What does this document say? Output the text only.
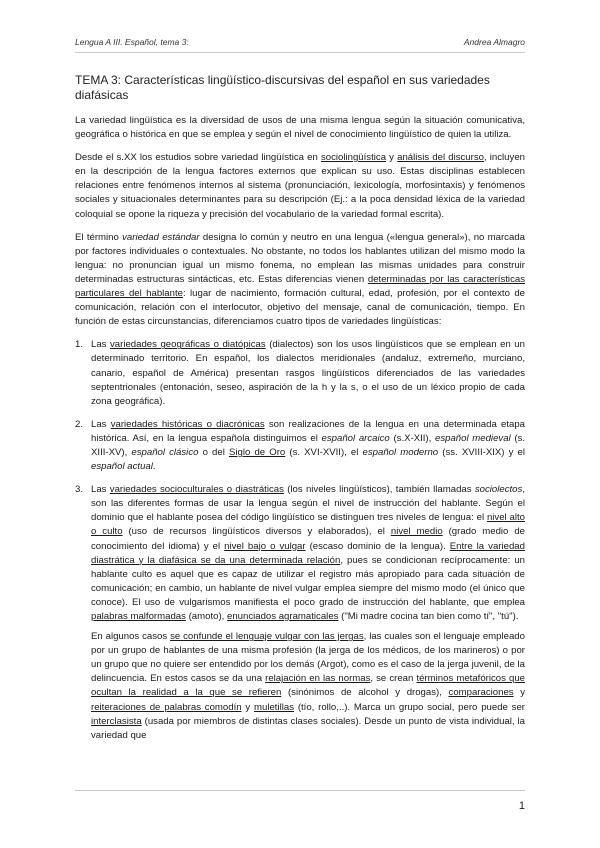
Lengua A III. Español, tema 3:	Andrea Almagro
TEMA 3: Características lingüístico-discursivas del español en sus variedades diafásicas

La variedad lingüística es la diversidad de usos de una misma lengua según la situación comunicativa, geográfica o histórica en que se emplea y según el nivel de conocimiento lingüístico de quien la utiliza.

Desde el s.XX los estudios sobre variedad lingüística en sociolingüística y análisis del discurso, incluyen en la descripción de la lengua factores externos que explican su uso. Estas disciplinas establecen relaciones entre fenómenos internos al sistema (pronunciación, lexicología, morfosintaxis) y fenómenos sociales y situacionales determinantes para su descripción (Ej.: a la poca densidad léxica de la variedad coloquial se opone la riqueza y precisión del vocabulario de la variedad formal escrita).

El término variedad estándar designa lo común y neutro en una lengua («lengua general»), no marcada por factores individuales o contextuales. No obstante, no todos los hablantes utilizan del mismo modo la lengua: no pronuncian igual un mismo fonema, no emplean las mismas unidades para construir determinadas estructuras sintácticas, etc. Estas diferencias vienen determinadas por las características particulares del hablante: lugar de nacimiento, formación cultural, edad, profesión, por el contexto de comunicación, relación con el interlocutor, objetivo del mensaje, canal de comunicación, tiempo. En función de estas circunstancias, diferenciamos cuatro tipos de variedades lingüísticas:

1. Las variedades geográficas o diatópicas (dialectos) son los usos lingüísticos que se emplean en un determinado territorio. En español, los dialectos meridionales (andaluz, extremeño, murciano, canario, español de América) presentan rasgos lingüísticos diferenciados de las variedades septentrionales (entonación, seseo, aspiración de la h y la s, o el uso de un léxico propio de cada zona geográfica).
2. Las variedades históricas o diacrónicas son realizaciones de la lengua en una determinada etapa histórica. Así, en la lengua española distinguimos el español arcaico (s.X-XII), español medieval (s. XIII-XV), español clásico o del Siglo de Oro (s. XVI-XVII), el español moderno (ss. XVIII-XIX) y el español actual.
3. Las variedades socioculturales o diastráticas (los niveles lingüísticos), también llamadas sociolectos, son las diferentes formas de usar la lengua según el nivel de instrucción del hablante. Según el dominio que el hablante posea del código lingüístico se distinguen tres niveles de lengua: el nivel alto o culto (uso de recursos lingüísticos diversos y elaborados), el nivel medio (grado medio de conocimiento del idioma) y el nivel bajo o vulgar (escaso dominio de la lengua). Entre la variedad diastrática y la diafásica se da una determinada relación, pues se condicionan recíprocamente: un hablante culto es aquel que es capaz de utilizar el registro más apropiado para cada situación de comunicación; en cambio, un hablante de nivel vulgar emplea siempre del mismo modo (el único que conoce). El uso de vulgarismos manifiesta el poco grado de instrucción del hablante, que emplea palabras malformadas (amoto), enunciados agramaticales ("Mi madre cocina tan bien como tí", "tú").

En algunos casos se confunde el lenguaje vulgar con las jergas, las cuales son el lenguaje empleado por un grupo de hablantes de una misma profesión (la jerga de los médicos, de los marineros) o por un grupo que no quiere ser entendido por los demás (Argot), como es el caso de la jerga juvenil, de la delincuencia. En estos casos se da una relajación en las normas, se crean términos metafóricos que ocultan la realidad a la que se refieren (sinónimos de alcohol y drogas), comparaciones y reiteraciones de palabras comodín y muletillas (tío, rollo,..). Marca un grupo social, pero puede ser interclasista (usada por miembros de distintas clases sociales). Desde un punto de vista individual, la variedad que

1
